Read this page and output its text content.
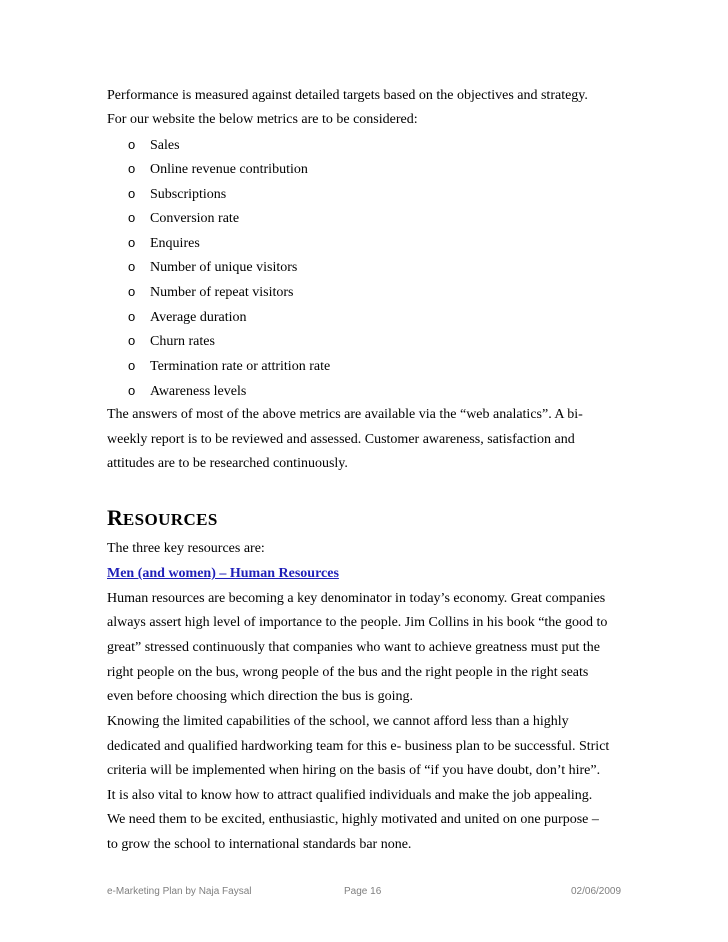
Performance is measured against detailed targets based on the objectives and strategy.
For our website the below metrics are to be considered:
o Sales
o Online revenue contribution
o Subscriptions
o Conversion rate
o Enquires
o Number of unique visitors
o Number of repeat visitors
o Average duration
o Churn rates
o Termination rate or attrition rate
o Awareness levels
The answers of most of the above metrics are available via the “web analatics”. A bi-
weekly report is to be reviewed and assessed. Customer awareness, satisfaction and
attitudes are to be researched continuously.
RESOURCES
The three key resources are:
Men (and women) – Human Resources
Human resources are becoming a key denominator in today’s economy. Great companies
always assert high level of importance to the people. Jim Collins in his book “the good to
great” stressed continuously that companies who want to achieve greatness must put the
right people on the bus, wrong people of the bus and the right people in the right seats
even before choosing which direction the bus is going.
Knowing the limited capabilities of the school, we cannot afford less than a highly
dedicated and qualified hardworking team for this e- business plan to be successful. Strict
criteria will be implemented when hiring on the basis of “if you have doubt, don’t hire”.
It is also vital to know how to attract qualified individuals and make the job appealing.
We need them to be excited, enthusiastic, highly motivated and united on one purpose –
to grow the school to international standards bar none.
e-Marketing Plan by Naja Faysal	Page 16	02/06/2009
